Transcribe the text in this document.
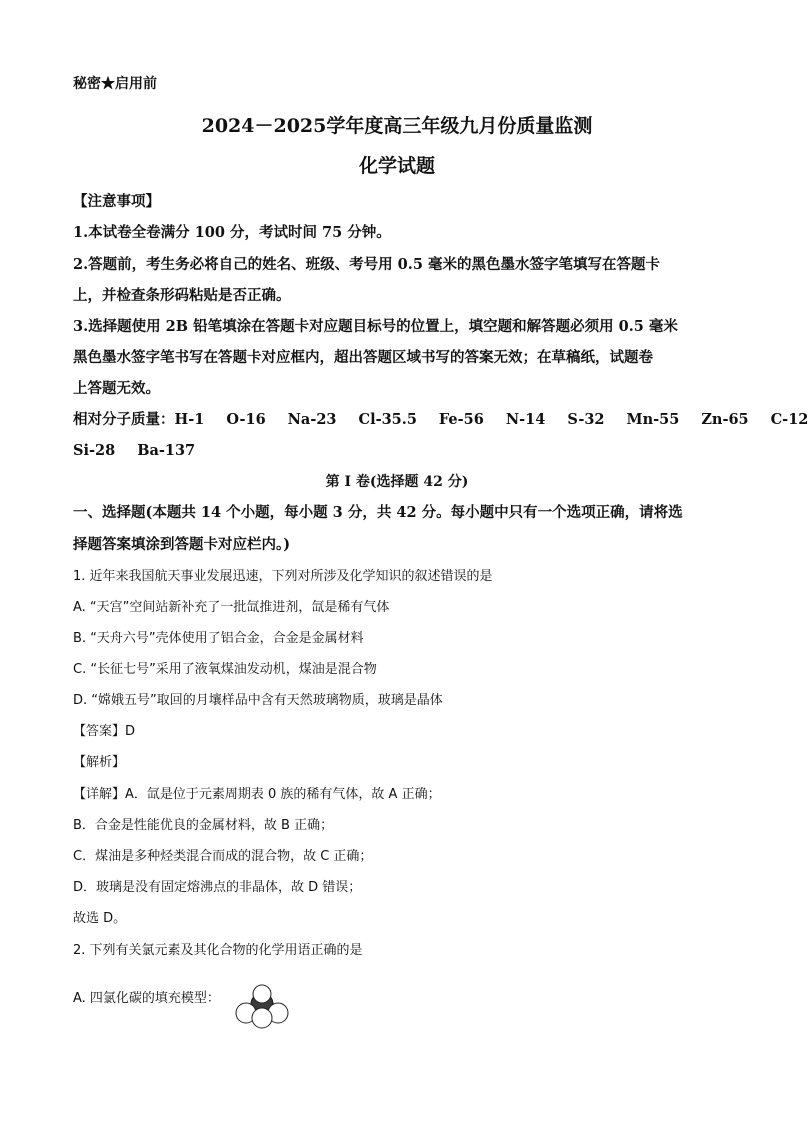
秘密★启用前
2024－2025学年度高三年级九月份质量监测
化学试题
【注意事项】
1.本试卷全卷满分 100 分，考试时间 75 分钟。
2.答题前，考生务必将自己的姓名、班级、考号用 0.5 毫米的黑色墨水签字笔填写在答题卡
上，并检查条形码粘贴是否正确。
3.选择题使用 2B 铅笔填涂在答题卡对应题目标号的位置上，填空题和解答题必须用 0.5 毫米
黑色墨水签字笔书写在答题卡对应框内，超出答题区域书写的答案无效；在草稿纸，试题卷
上答题无效。
相对分子质量：H-1 O-16 Na-23 Cl-35.5 Fe-56 N-14 S-32 Mn-55 Zn-65 C-12
Si-28 Ba-137
第 I 卷(选择题 42 分)
一、选择题(本题共 14 个小题，每小题 3 分，共 42 分。每小题中只有一个选项正确，请将选
择题答案填涂到答题卡对应栏内。)
1. 近年来我国航天事业发展迅速，下列对所涉及化学知识的叙述错误的是
A. “天宫”空间站新补充了一批氙推进剂，氙是稀有气体
B. “天舟六号”壳体使用了铝合金，合金是金属材料
C. “长征七号”采用了液氧煤油发动机，煤油是混合物
D. “嫦娥五号”取回的月壤样品中含有天然玻璃物质，玻璃是晶体
【答案】D
【解析】
【详解】A．氙是位于元素周期表 0 族的稀有气体，故 A 正确；
B．合金是性能优良的金属材料，故 B 正确；
C．煤油是多种烃类混合而成的混合物，故 C 正确；
D．玻璃是没有固定熔沸点的非晶体，故 D 错误；
故选 D。
2. 下列有关氯元素及其化合物的化学用语正确的是
A. 四氯化碳的填充模型：
